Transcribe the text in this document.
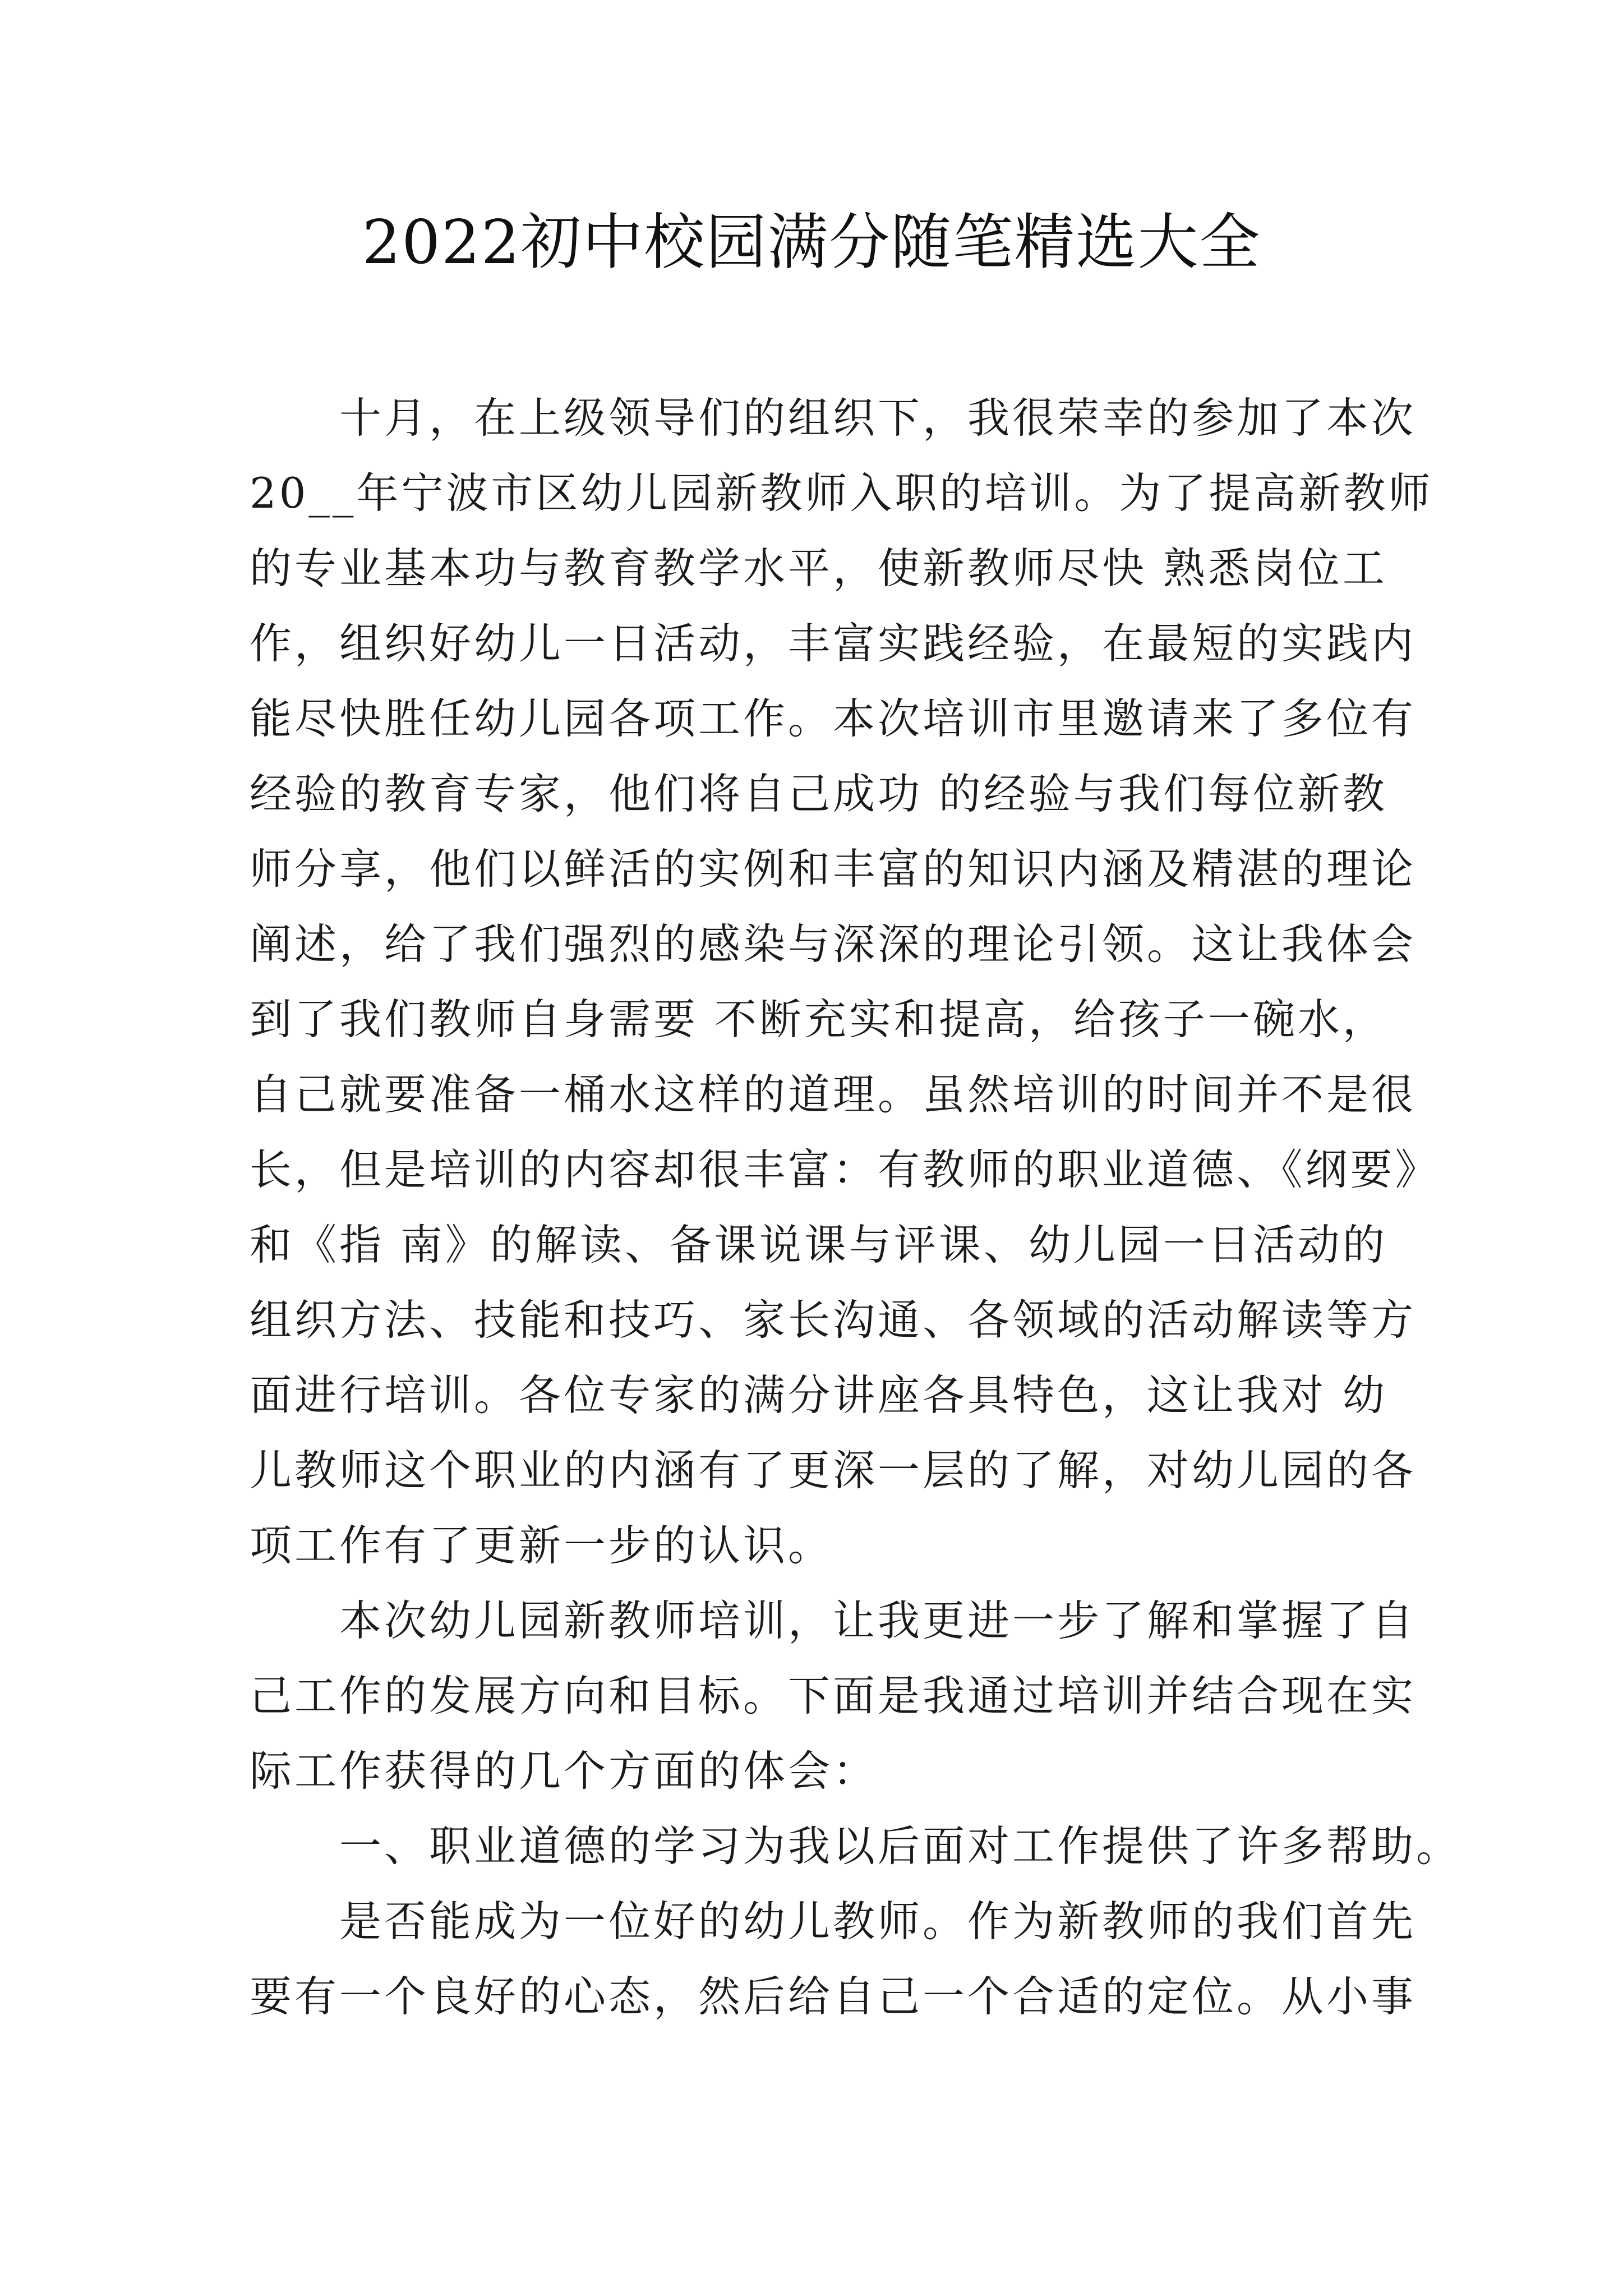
2022初中校园满分随笔精选大全
十月，在上级领导们的组织下，我很荣幸的参加了本次
20__年宁波市区幼儿园新教师入职的培训。为了提高新教师
的专业基本功与教育教学水平，使新教师尽快 熟悉岗位工
作，组织好幼儿一日活动，丰富实践经验，在最短的实践内
能尽快胜任幼儿园各项工作。本次培训市里邀请来了多位有
经验的教育专家，他们将自己成功 的经验与我们每位新教
师分享，他们以鲜活的实例和丰富的知识内涵及精湛的理论
阐述，给了我们强烈的感染与深深的理论引领。这让我体会
到了我们教师自身需要 不断充实和提高，给孩子一碗水，
自己就要准备一桶水这样的道理。虽然培训的时间并不是很
长，但是培训的内容却很丰富：有教师的职业道德、《纲要》
和《指 南》的解读、备课说课与评课、幼儿园一日活动的
组织方法、技能和技巧、家长沟通、各领域的活动解读等方
面进行培训。各位专家的满分讲座各具特色，这让我对 幼
儿教师这个职业的内涵有了更深一层的了解，对幼儿园的各
项工作有了更新一步的认识。
本次幼儿园新教师培训，让我更进一步了解和掌握了自
己工作的发展方向和目标。下面是我通过培训并结合现在实
际工作获得的几个方面的体会：
一、职业道德的学习为我以后面对工作提供了许多帮助。
是否能成为一位好的幼儿教师。作为新教师的我们首先
要有一个良好的心态，然后给自己一个合适的定位。从小事
